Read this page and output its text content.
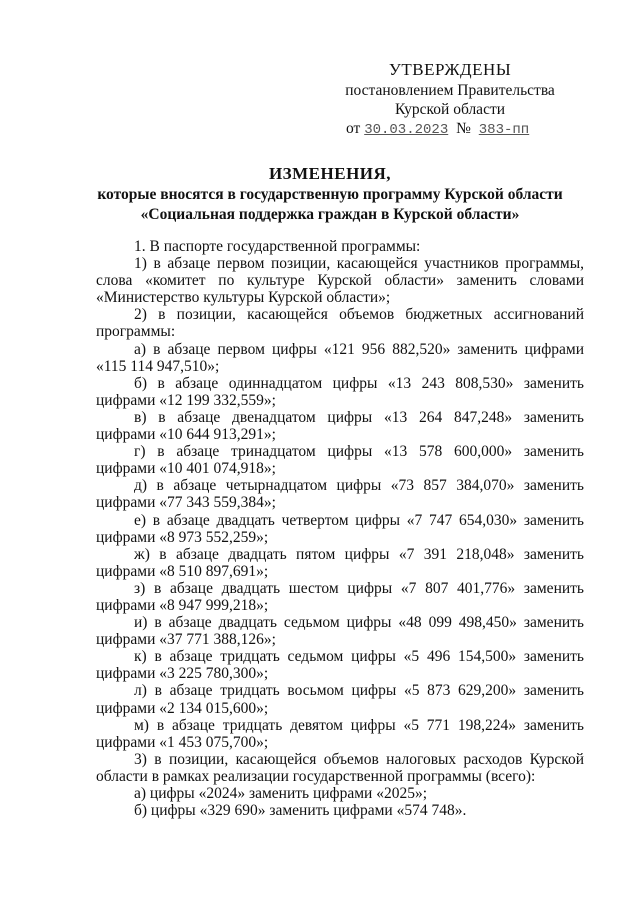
УТВЕРЖДЕНЫ
постановлением Правительства
Курской области
от 30.03.2023 № 383-пп
ИЗМЕНЕНИЯ,
которые вносятся в государственную программу Курской области
«Социальная поддержка граждан в Курской области»

1. В паспорте государственной программы:

1) в абзаце первом позиции, касающейся участников программы, слова «комитет по культуре Курской области» заменить словами «Министерство культуры Курской области»;

2) в позиции, касающейся объемов бюджетных ассигнований программы:

а) в абзаце первом цифры «121 956 882,520» заменить цифрами «115 114 947,510»;

б) в абзаце одиннадцатом цифры «13 243 808,530» заменить цифрами «12 199 332,559»;

в) в абзаце двенадцатом цифры «13 264 847,248» заменить цифрами «10 644 913,291»;

г) в абзаце тринадцатом цифры «13 578 600,000» заменить цифрами «10 401 074,918»;

д) в абзаце четырнадцатом цифры «73 857 384,070» заменить цифрами «77 343 559,384»;

е) в абзаце двадцать четвертом цифры «7 747 654,030» заменить цифрами «8 973 552,259»;

ж) в абзаце двадцать пятом цифры «7 391 218,048» заменить цифрами «8 510 897,691»;

з) в абзаце двадцать шестом цифры «7 807 401,776» заменить цифрами «8 947 999,218»;

и) в абзаце двадцать седьмом цифры «48 099 498,450» заменить цифрами «37 771 388,126»;

к) в абзаце тридцать седьмом цифры «5 496 154,500» заменить цифрами «3 225 780,300»;

л) в абзаце тридцать восьмом цифры «5 873 629,200» заменить цифрами «2 134 015,600»;

м) в абзаце тридцать девятом цифры «5 771 198,224» заменить цифрами «1 453 075,700»;

3) в позиции, касающейся объемов налоговых расходов Курской области в рамках реализации государственной программы (всего):

а) цифры «2024» заменить цифрами «2025»;

б) цифры «329 690» заменить цифрами «574 748».
